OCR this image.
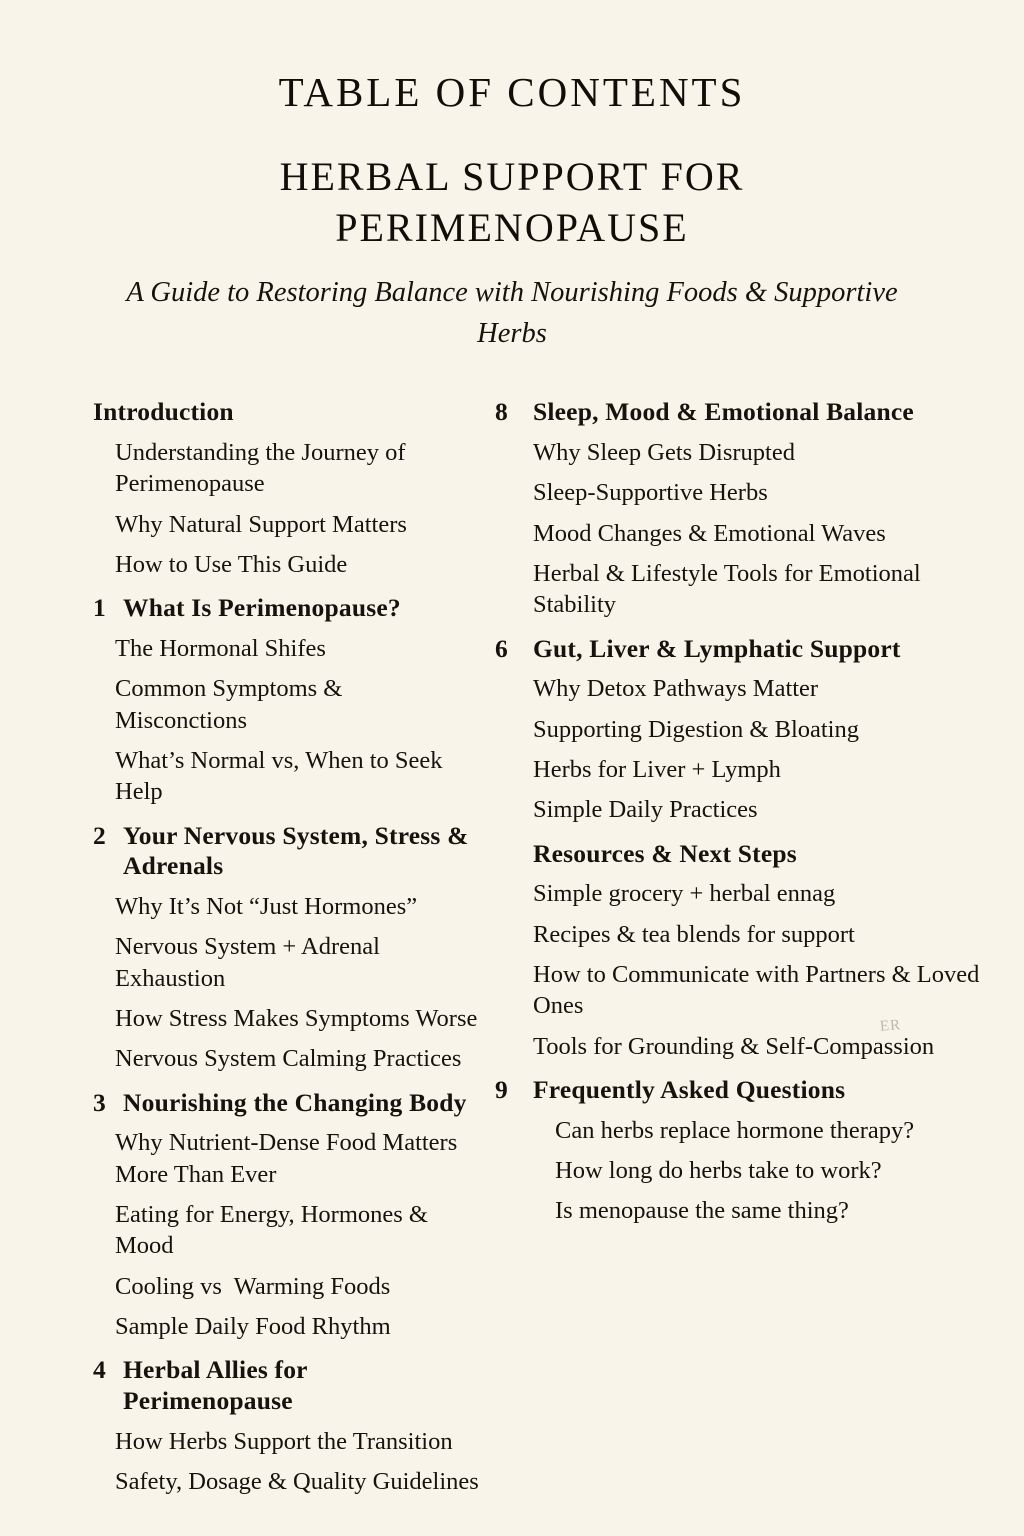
TABLE OF CONTENTS
HERBAL SUPPORT FOR PERIMENOPAUSE
A Guide to Restoring Balance with Nourishing Foods & Supportive Herbs
Introduction
Understanding the Journey of Perimenopause
Why Natural Support Matters
How to Use This Guide
1 What Is Perimenopause?
The Hormonal Shifes
Common Symptoms & Misconctions
What’s Normal vs, When to Seek Help
2 Your Nervous System, Stress & Adrenals
Why It’s Not “Just Hormones”
Nervous System + Adrenal Exhaustion
How Stress Makes Symptoms Worse
Nervous System Calming Practices
3 Nourishing the Changing Body
Why Nutrient-Dense Food Matters More Than Ever
Eating for Energy, Hormones & Mood
Cooling vs  Warming Foods
Sample Daily Food Rhythm
4 Herbal Allies for Perimenopause
How Herbs Support the Transition
Safety, Dosage & Quality Guidelines
8 Sleep, Mood & Emotional Balance
Why Sleep Gets Disrupted
Sleep-Supportive Herbs
Mood Changes & Emotional Waves
Herbal & Lifestyle Tools for Emotional Stability
6 Gut, Liver & Lymphatic Support
Why Detox Pathways Matter
Supporting Digestion & Bloating
Herbs for Liver + Lymph
Simple Daily Practices
Resources & Next Steps
Simple grocery + herbal ennag
Recipes & tea blends for support
How to Communicate with Partners & Loved Ones
Tools for Grounding & Self-Compassion
9 Frequently Asked Questions
Can herbs replace hormone therapy?
How long do herbs take to work?
Is menopause the same thing?
ER
